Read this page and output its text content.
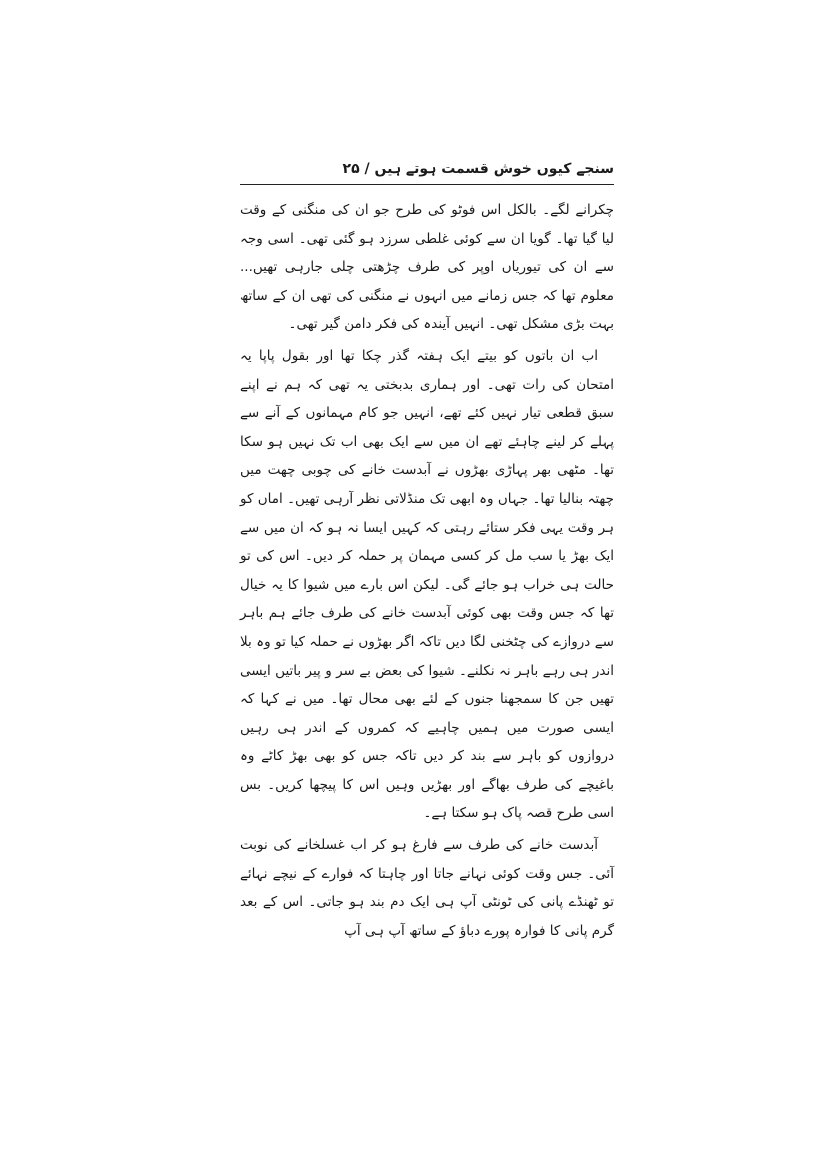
سنجے کیوں خوش قسمت ہوتے ہیں / ۲۵

چکرانے لگے۔ بالکل اس فوٹو کی طرح جو ان کی منگنی کے وقت لیا گیا تھا۔ گویا ان سے کوئی غلطی سرزد ہو گئی تھی۔ اسی وجہ سے ان کی تیوریاں اوپر کی طرف چڑھتی چلی جارہی تھیں... معلوم تھا کہ جس زمانے میں انہوں نے منگنی کی تھی ان کے ساتھ بہت بڑی مشکل تھی۔ انہیں آیندہ کی فکر دامن گیر تھی۔

اب ان باتوں کو بیتے ایک ہفتہ گذر چکا تھا اور بقول پاپا یہ امتحان کی رات تھی۔ اور ہماری بدبختی یہ تھی کہ ہم نے اپنے سبق قطعی تیار نہیں کئے تھے، انہیں جو کام مہمانوں کے آنے سے پہلے کر لینے چاہئے تھے ان میں سے ایک بھی اب تک نہیں ہو سکا تھا۔ مٹھی بھر پہاڑی بھڑوں نے آبدست خانے کی چوبی چھت میں چھتہ بنالیا تھا۔ جہاں وہ ابھی تک منڈلاتی نظر آرہی تھیں۔ اماں کو ہر وقت یہی فکر ستائے رہتی کہ کہیں ایسا نہ ہو کہ ان میں سے ایک بھڑ یا سب مل کر کسی مہمان پر حملہ کر دیں۔ اس کی تو حالت ہی خراب ہو جائے گی۔ لیکن اس بارے میں شیوا کا یہ خیال تھا کہ جس وقت بھی کوئی آبدست خانے کی طرف جائے ہم باہر سے دروازے کی چٹخنی لگا دیں تاکہ اگر بھڑوں نے حملہ کیا تو وہ بلا اندر ہی رہے باہر نہ نکلنے۔ شیوا کی بعض بے سر و پیر باتیں ایسی تھیں جن کا سمجھنا جنوں کے لئے بھی محال تھا۔ میں نے کہا کہ ایسی صورت میں ہمیں چاہیے کہ کمروں کے اندر ہی رہیں دروازوں کو باہر سے بند کر دیں تاکہ جس کو بھی بھڑ کاٹے وہ باغیچے کی طرف بھاگے اور بھڑیں وہیں اس کا پیچھا کریں۔ بس اسی طرح قصہ پاک ہو سکتا ہے۔

آبدست خانے کی طرف سے فارغ ہو کر اب غسلخانے کی نوبت آئی۔ جس وقت کوئی نہانے جاتا اور چاہتا کہ فوارے کے نیچے نہائے تو ٹھنڈے پانی کی ٹونٹی آپ ہی ایک دم بند ہو جاتی۔ اس کے بعد گرم پانی کا فوارہ پورے دباؤ کے ساتھ آپ ہی آپ
